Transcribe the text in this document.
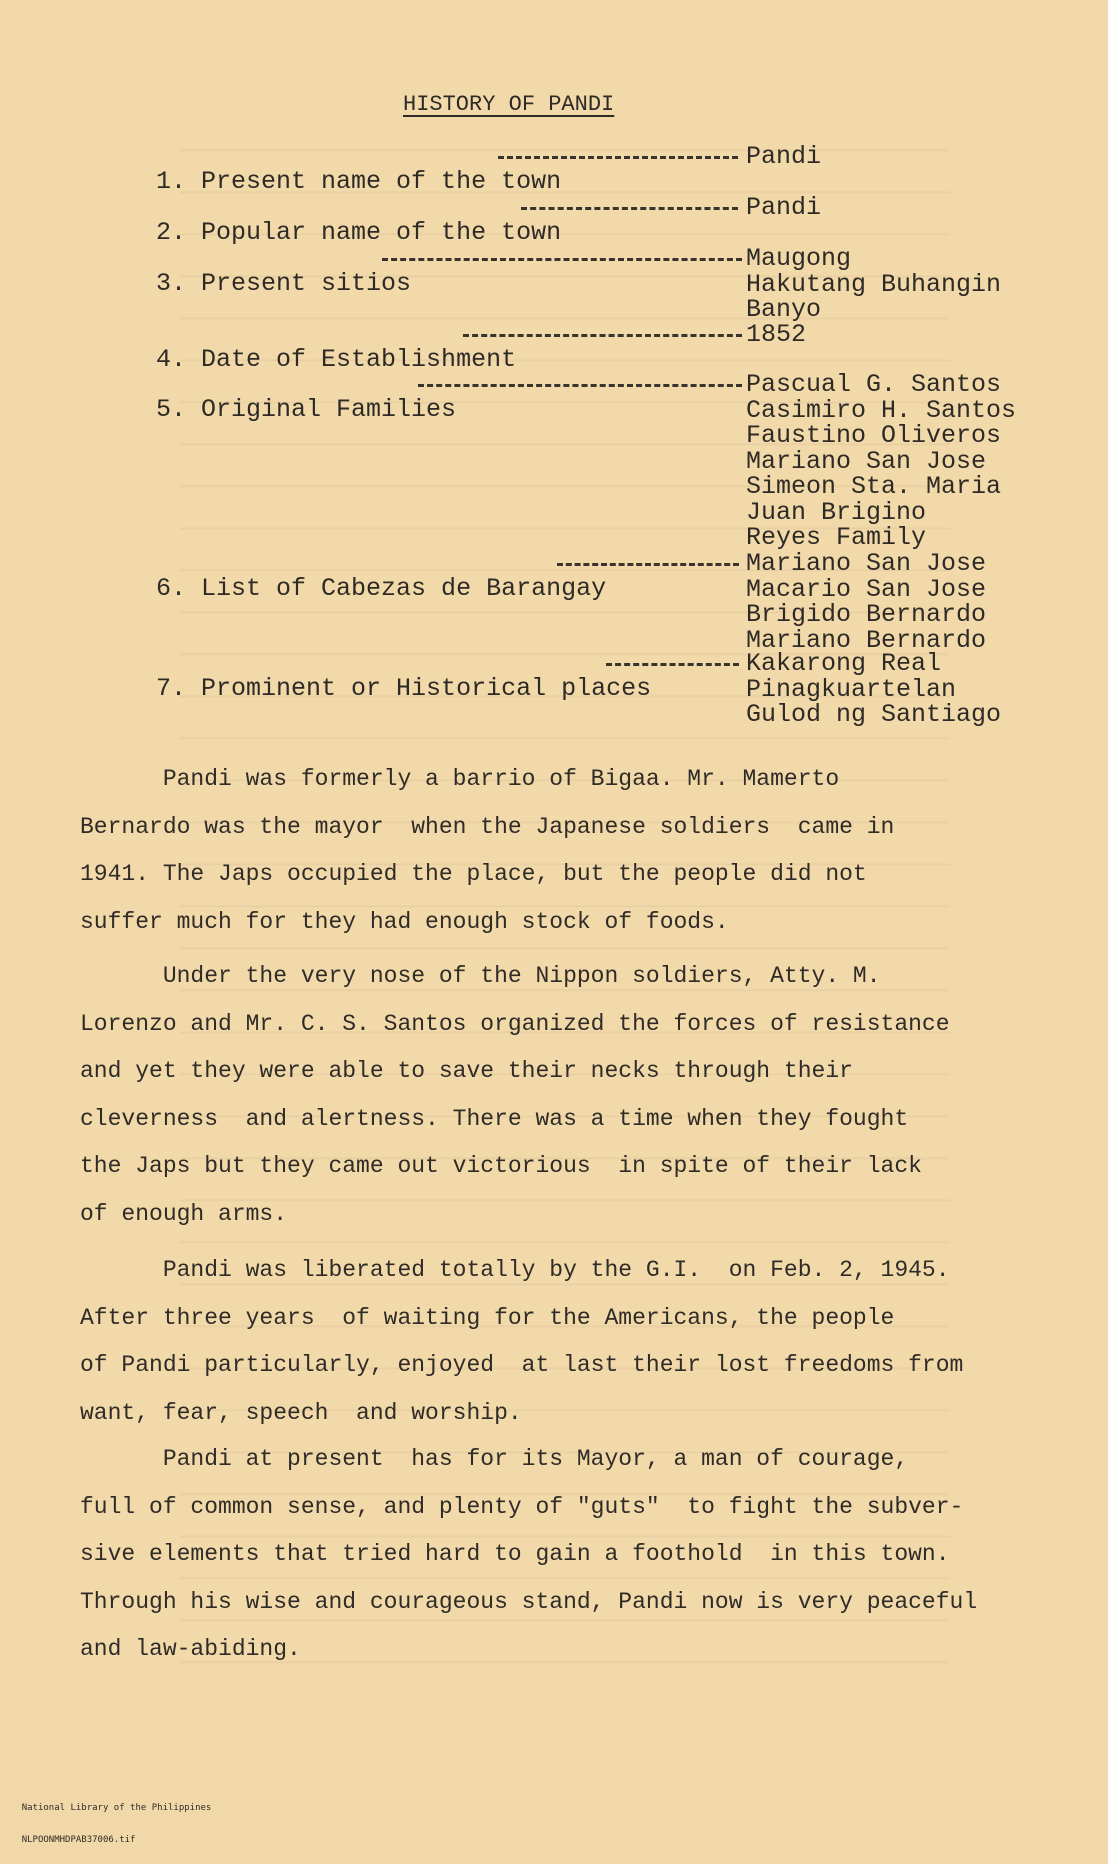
HISTORY OF PANDI

1. Present name of the town

Pandi

2. Popular name of the town

Pandi

3. Present sitios

Maugong
Hakutang Buhangin
Banyo

4. Date of Establishment

1852

5. Original Families

Pascual G. Santos
Casimiro H. Santos
Faustino Oliveros
Mariano San Jose
Simeon Sta. Maria
Juan Brigino
Reyes Family

6. List of Cabezas de Barangay

Mariano San Jose
Macario San Jose
Brigido Bernardo
Mariano Bernardo

7. Prominent or Historical places

Kakarong Real
Pinagkuartelan
Gulod ng Santiago
Pandi was formerly a barrio of Bigaa. Mr. Mamerto
Bernardo was the mayor  when the Japanese soldiers  came in
1941. The Japs occupied the place, but the people did not
suffer much for they had enough stock of foods.
Under the very nose of the Nippon soldiers, Atty. M.
Lorenzo and Mr. C. S. Santos organized the forces of resistance
and yet they were able to save their necks through their
cleverness  and alertness. There was a time when they fought
the Japs but they came out victorious  in spite of their lack
of enough arms.
Pandi was liberated totally by the G.I.  on Feb. 2, 1945.
After three years  of waiting for the Americans, the people
of Pandi particularly, enjoyed  at last their lost freedoms from
want, fear, speech  and worship.
Pandi at present  has for its Mayor, a man of courage,
full of common sense, and plenty of "guts"  to fight the subver-
sive elements that tried hard to gain a foothold  in this town.
Through his wise and courageous stand, Pandi now is very peaceful
and law-abiding.

National Library of the Philippines

NLPOONMHDPAB37006.tif
